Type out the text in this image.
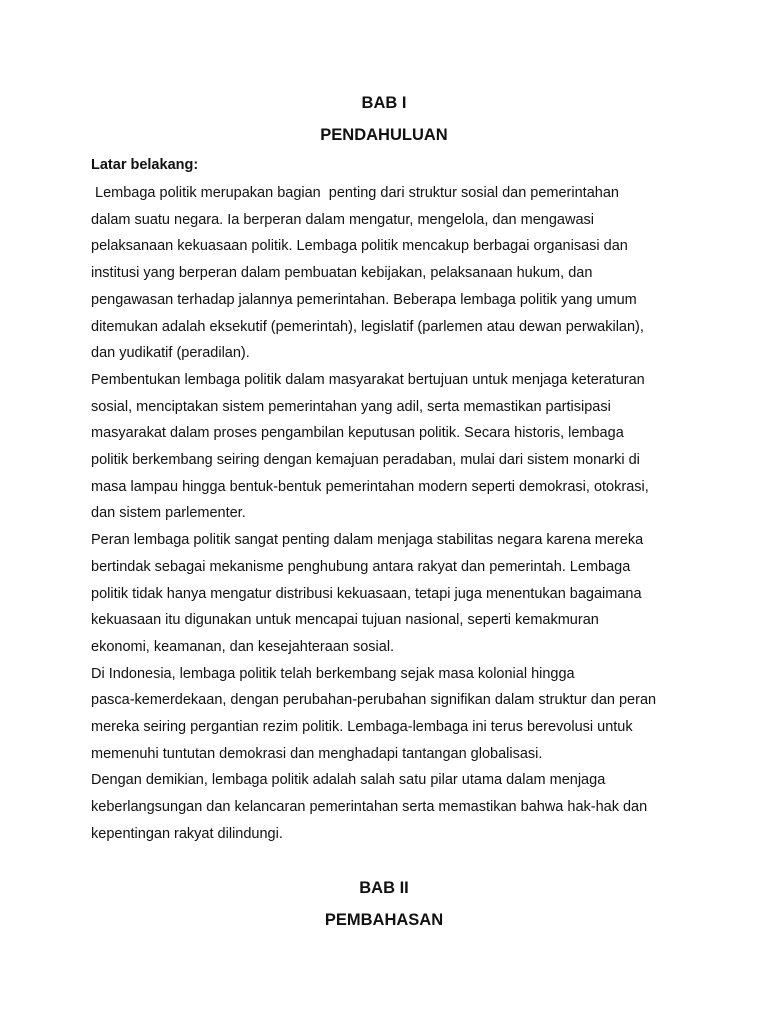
BAB I
PENDAHULUAN
Latar belakang:
Lembaga politik merupakan bagian  penting dari struktur sosial dan pemerintahan
dalam suatu negara. Ia berperan dalam mengatur, mengelola, dan mengawasi
pelaksanaan kekuasaan politik. Lembaga politik mencakup berbagai organisasi dan
institusi yang berperan dalam pembuatan kebijakan, pelaksanaan hukum, dan
pengawasan terhadap jalannya pemerintahan. Beberapa lembaga politik yang umum
ditemukan adalah eksekutif (pemerintah), legislatif (parlemen atau dewan perwakilan),
dan yudikatif (peradilan).
Pembentukan lembaga politik dalam masyarakat bertujuan untuk menjaga keteraturan
sosial, menciptakan sistem pemerintahan yang adil, serta memastikan partisipasi
masyarakat dalam proses pengambilan keputusan politik. Secara historis, lembaga
politik berkembang seiring dengan kemajuan peradaban, mulai dari sistem monarki di
masa lampau hingga bentuk-bentuk pemerintahan modern seperti demokrasi, otokrasi,
dan sistem parlementer.
Peran lembaga politik sangat penting dalam menjaga stabilitas negara karena mereka
bertindak sebagai mekanisme penghubung antara rakyat dan pemerintah. Lembaga
politik tidak hanya mengatur distribusi kekuasaan, tetapi juga menentukan bagaimana
kekuasaan itu digunakan untuk mencapai tujuan nasional, seperti kemakmuran
ekonomi, keamanan, dan kesejahteraan sosial.
Di Indonesia, lembaga politik telah berkembang sejak masa kolonial hingga
pasca-kemerdekaan, dengan perubahan-perubahan signifikan dalam struktur dan peran
mereka seiring pergantian rezim politik. Lembaga-lembaga ini terus berevolusi untuk
memenuhi tuntutan demokrasi dan menghadapi tantangan globalisasi.
Dengan demikian, lembaga politik adalah salah satu pilar utama dalam menjaga
keberlangsungan dan kelancaran pemerintahan serta memastikan bahwa hak-hak dan
kepentingan rakyat dilindungi.
BAB II
PEMBAHASAN
